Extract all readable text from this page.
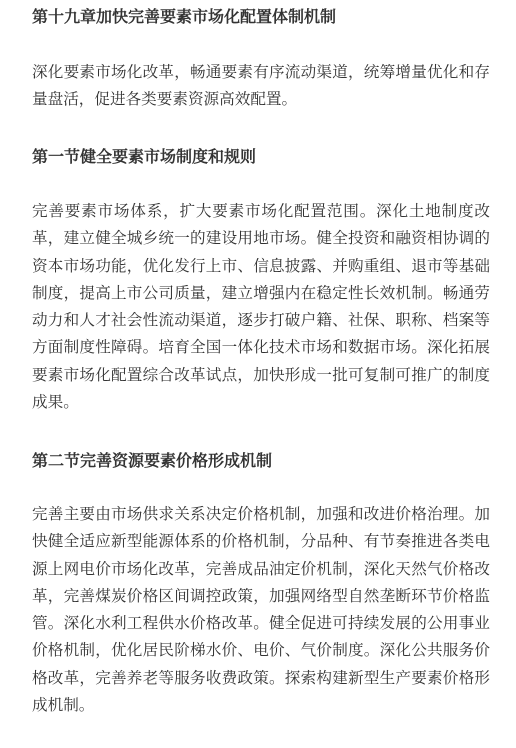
第十九章加快完善要素市场化配置体制机制

深化要素市场化改革，畅通要素有序流动渠道，统筹增量优化和存量盘活，促进各类要素资源高效配置。

第一节健全要素市场制度和规则

完善要素市场体系，扩大要素市场化配置范围。深化土地制度改革，建立健全城乡统一的建设用地市场。健全投资和融资相协调的资本市场功能，优化发行上市、信息披露、并购重组、退市等基础制度，提高上市公司质量，建立增强内在稳定性长效机制。畅通劳动力和人才社会性流动渠道，逐步打破户籍、社保、职称、档案等方面制度性障碍。培育全国一体化技术市场和数据市场。深化拓展要素市场化配置综合改革试点，加快形成一批可复制可推广的制度成果。

第二节完善资源要素价格形成机制

完善主要由市场供求关系决定价格机制，加强和改进价格治理。加快健全适应新型能源体系的价格机制，分品种、有节奏推进各类电源上网电价市场化改革，完善成品油定价机制，深化天然气价格改革，完善煤炭价格区间调控政策，加强网络型自然垄断环节价格监管。深化水利工程供水价格改革。健全促进可持续发展的公用事业价格机制，优化居民阶梯水价、电价、气价制度。深化公共服务价格改革，完善养老等服务收费政策。探索构建新型生产要素价格形成机制。
